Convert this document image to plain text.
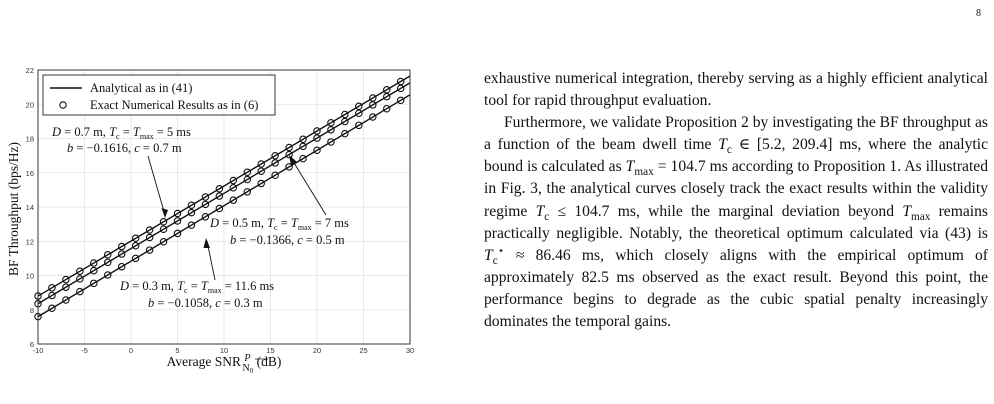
8
-10	-5	0	5	10	15	20	25	30
6
8
10
12
14
16
18
20
22
Analytical as in (41)
Exact Numerical Results as in (6)
D = 0.7 m, $T_c = T_{max} = 5$ ms
b = −0.1616, c = 0.7 m
D = 0.5 m, $T_c = T_{max} = 7$ ms
b = −0.1366, c = 0.5 m
D = 0.3 m, $T_c = T_{max} = 11.6$ ms
b = −0.1058, c = 0.3 m
BF Throughput (bps/Hz)
Average SNR $^P$ N0 (dB)

exhaustive numerical integration, thereby serving as a highly efficient analytical tool for rapid throughput evaluation.

Furthermore, we validate Proposition 2 by investigating the BF throughput as a function of the beam dwell time $T_c$ ∈ [5.2, 209.4] ms, where the analytic bound is calculated as $T_{max} = 104.7$ ms according to Proposition 1. As illustrated in Fig. 3, the analytical curves closely track the exact results within the validity regime $T_c \le 104.7$ ms, while the marginal deviation beyond $T_{max}$ remains practically negligible. Notably, the theoretical optimum calculated via (43) is $T_c^⋆ \approx 86.46$ ms, which closely aligns with the empirical optimum of approximately 82.5 ms observed as the exact result. Beyond this point, the performance begins to degrade as the cubic spatial penalty increasingly dominates the temporal gains.
